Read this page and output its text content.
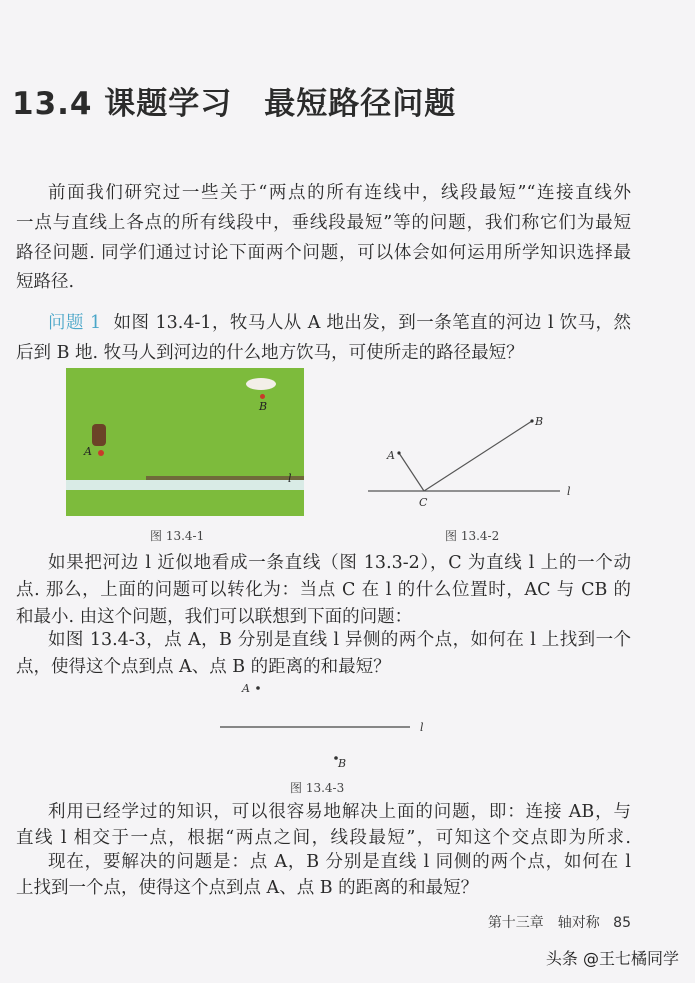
13.4 课题学习　最短路径问题
前面我们研究过一些关于“两点的所有连线中，线段最短”“连接直线外
一点与直线上各点的所有线段中，垂线段最短”等的问题，我们称它们为最短
路径问题. 同学们通过讨论下面两个问题，可以体会如何运用所学知识选择最
短路径.
问题 1 如图 13.4-1，牧马人从 A 地出发，到一条笔直的河边 l 饮马，然
后到 B 地. 牧马人到河边的什么地方饮马，可使所走的路径最短？
A
B
l
图 13.4-1
A
B
C
l
图 13.4-2
如果把河边 l 近似地看成一条直线（图 13.3-2），C 为直线 l 上的一个动
点. 那么，上面的问题可以转化为：当点 C 在 l 的什么位置时，AC 与 CB 的
和最小. 由这个问题，我们可以联想到下面的问题：
如图 13.4-3，点 A，B 分别是直线 l 异侧的两个点，如何在 l 上找到一个
点，使得这个点到点 A、点 B 的距离的和最短？
A
l
B
图 13.4-3
利用已经学过的知识，可以很容易地解决上面的问题，即：连接 AB，与
直线 l 相交于一点，根据“两点之间，线段最短”，可知这个交点即为所求.
现在，要解决的问题是：点 A，B 分别是直线 l 同侧的两个点，如何在 l
上找到一个点，使得这个点到点 A、点 B 的距离的和最短？
第十三章　轴对称 85
头条 @王七橘同学
